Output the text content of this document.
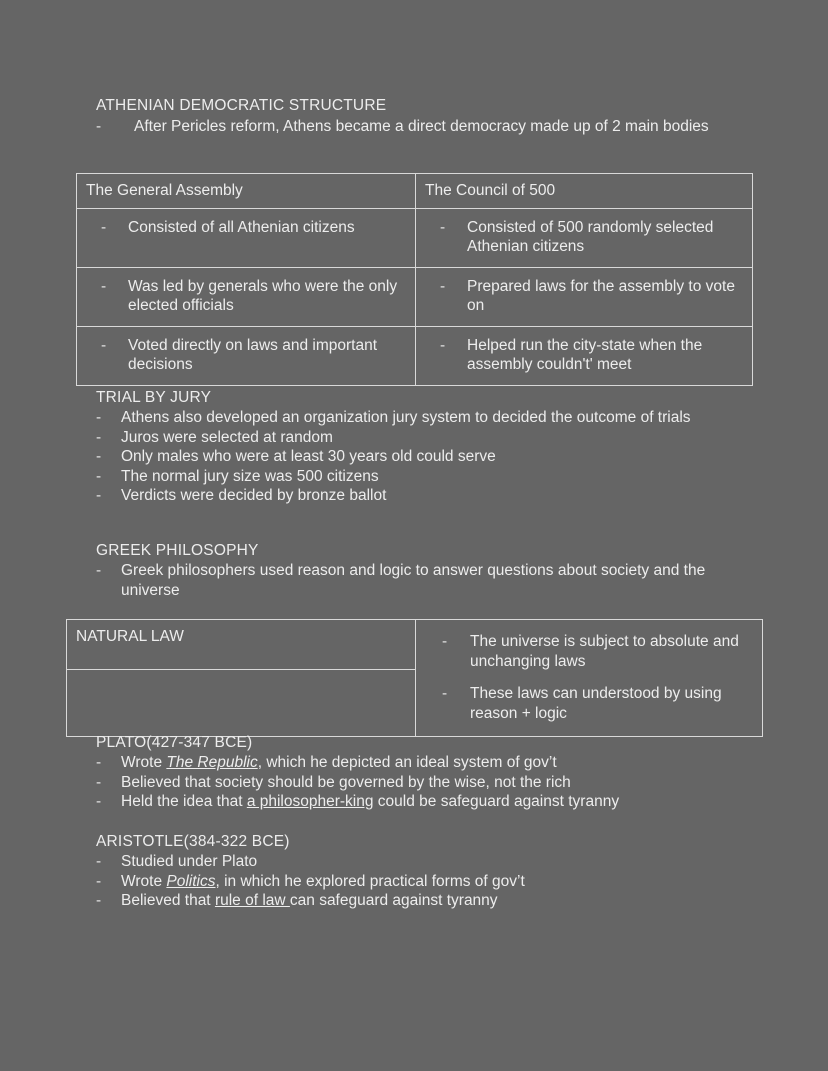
ATHENIAN DEMOCRATIC STRUCTURE
-	After Pericles reform, Athens became a direct democracy made up of 2 main bodies
The General Assembly	The Council of 500

- Consisted of all Athenian citizens	- Consisted of 500 randomly selected Athenian citizens

- Was led by generals who were the only elected officials	- Prepared laws for the assembly to vote on

- Voted directly on laws and important decisions	- Helped run the city-state when the assembly couldn't' meet
TRIAL BY JURY
-	Athens also developed an organization jury system to decided the outcome of trials
-	Juros were selected at random
-	Only males who were at least 30 years old could serve
-	The normal jury size was 500 citizens
-	Verdicts were decided by bronze ballot
GREEK PHILOSOPHY
-	Greek philosophers used reason and logic to answer questions about society and the universe
NATURAL LAW	-	The universe is subject to absolute and unchanging laws
-	These laws can understood by using reason + logic

PLATO(427-347 BCE)
-	Wrote The Republic, which he depicted an ideal system of gov’t
-	Believed that society should be governed by the wise, not the rich
-	Held the idea that a philosopher-king could be safeguard against tyranny
ARISTOTLE(384-322 BCE)
-	Studied under Plato
-	Wrote Politics, in which he explored practical forms of gov’t
-	Believed that rule of law can safeguard against tyranny
